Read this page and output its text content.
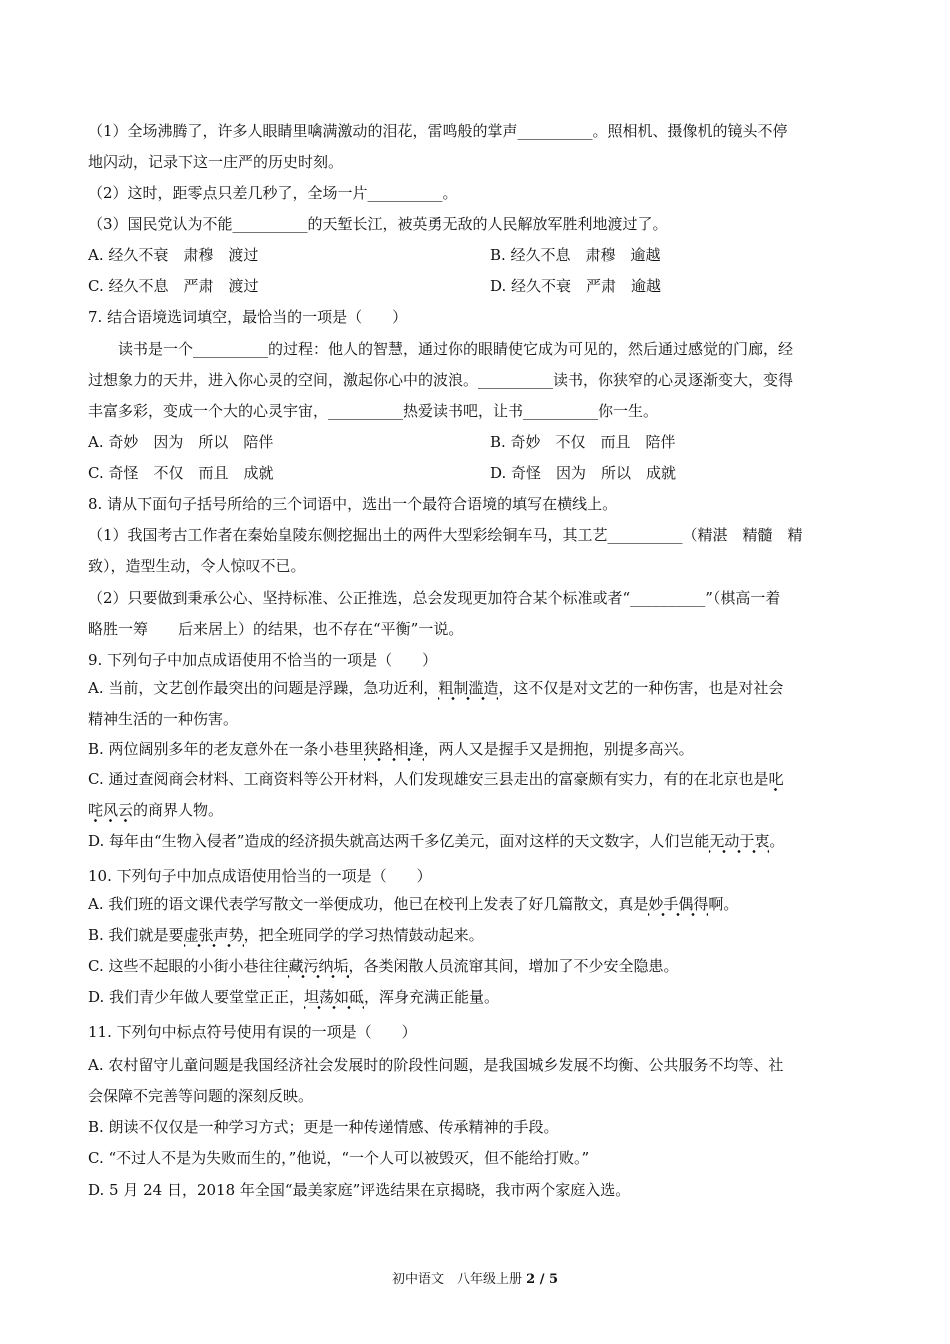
（1）全场沸腾了，许多人眼睛里噙满激动的泪花，雷鸣般的掌声__________。照相机、摄像机的镜头不停
地闪动，记录下这一庄严的历史时刻。
（2）这时，距零点只差几秒了，全场一片__________。
（3）国民党认为不能__________的天堑长江，被英勇无敌的人民解放军胜利地渡过了。
A. 经久不衰　肃穆　渡过	B. 经久不息　肃穆　逾越
C. 经久不息　严肃　渡过	D. 经久不衰　严肃　逾越
7. 结合语境选词填空，最恰当的一项是（　　）
读书是一个__________的过程：他人的智慧，通过你的眼睛使它成为可见的，然后通过感觉的门廊，经
过想象力的天井，进入你心灵的空间，激起你心中的波浪。__________读书，你狭窄的心灵逐渐变大，变得
丰富多彩，变成一个大的心灵宇宙，__________热爱读书吧，让书__________你一生。
A. 奇妙　因为　所以　陪伴	B. 奇妙　不仅　而且　陪伴
C. 奇怪　不仅　而且　成就	D. 奇怪　因为　所以　成就
8. 请从下面句子括号所给的三个词语中，选出一个最符合语境的填写在横线上。
（1）我国考古工作者在秦始皇陵东侧挖掘出土的两件大型彩绘铜车马，其工艺__________（精湛　精髓　精
致），造型生动，令人惊叹不已。
（2）只要做到秉承公心、坚持标准、公正推选，总会发现更加符合某个标准或者“__________”（棋高一着
略胜一筹　　后来居上）的结果，也不存在“平衡”一说。
9. 下列句子中加点成语使用不恰当的一项是（　　）
A. 当前，文艺创作最突出的问题是浮躁，急功近利，粗制滥造，这不仅是对文艺的一种伤害，也是对社会
精神生活的一种伤害。
B. 两位阔别多年的老友意外在一条小巷里狭路相逢，两人又是握手又是拥抱，别提多高兴。
C. 通过查阅商会材料、工商资料等公开材料，人们发现雄安三县走出的富豪颇有实力，有的在北京也是叱
咤风云的商界人物。
D. 每年由“生物入侵者”造成的经济损失就高达两千多亿美元，面对这样的天文数字，人们岂能无动于衷。
10. 下列句子中加点成语使用恰当的一项是（　　）
A. 我们班的语文课代表学写散文一举便成功，他已在校刊上发表了好几篇散文，真是妙手偶得啊。
B. 我们就是要虚张声势，把全班同学的学习热情鼓动起来。
C. 这些不起眼的小街小巷往往藏污纳垢，各类闲散人员流窜其间，增加了不少安全隐患。
D. 我们青少年做人要堂堂正正，坦荡如砥，浑身充满正能量。
11. 下列句中标点符号使用有误的一项是（　　）
A. 农村留守儿童问题是我国经济社会发展时的阶段性问题，是我国城乡发展不均衡、公共服务不均等、社
会保障不完善等问题的深刻反映。
B. 朗读不仅仅是一种学习方式；更是一种传递情感、传承精神的手段。
C. “不过人不是为失败而生的，”他说，“一个人可以被毁灭，但不能给打败。”
D. 5 月 24 日，2018 年全国“最美家庭”评选结果在京揭晓，我市两个家庭入选。
初中语文　八年级上册 2 / 5
